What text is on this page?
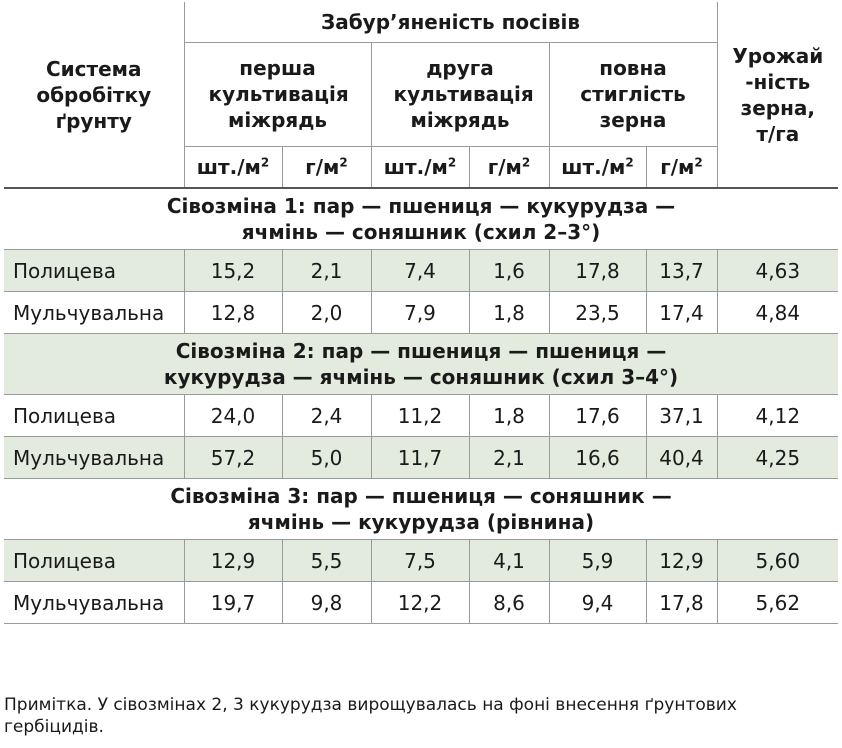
Система обробітку ґрунту	Забур’яненість посівів						Урожай-ність зерна, т/га
	перша культивація міжрядь		друга культивація міжрядь		повна стиглість зерна		
	$шт./м^2$	$г/м^2$	$шт./м^2$	$г/м^2$	$шт./м^2$	$г/м^2$
Сівозміна 1: пар — пшениця — кукурудза — ячмінь — соняшник (схил 2–3°)							
Полицева	15,2	2,1	7,4	1,6	17,8	13,7	4,63
Мульчувальна	12,8	2,0	7,9	1,8	23,5	17,4	4,84
Сівозміна 2: пар — пшениця — пшениця — кукурудза — ячмінь — соняшник (схил 3–4°)							
Полицева	24,0	2,4	11,2	1,8	17,6	37,1	4,12
Мульчувальна	57,2	5,0	11,7	2,1	16,6	40,4	4,25
Сівозміна 3: пар — пшениця — соняшник — ячмінь — кукурудза (рівнина)							
Полицева	12,9	5,5	7,5	4,1	5,9	12,9	5,60
Мульчувальна	19,7	9,8	12,2	8,6	9,4	17,8	5,62
Примітка. У сівозмінах 2, 3 кукурудза вирощувалась на фоні внесення ґрунтових гербіцидів.
